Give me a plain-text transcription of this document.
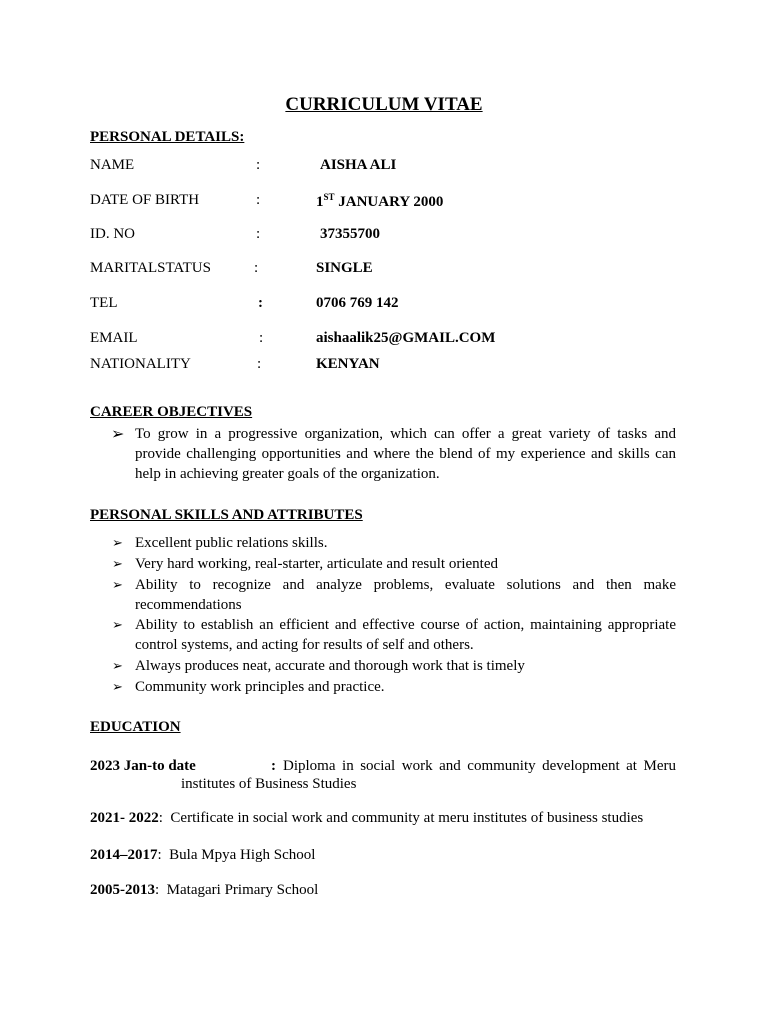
CURRICULUM VITAE
PERSONAL DETAILS:
NAME	:	AISHA ALI
DATE OF BIRTH	:	1ST JANUARY 2000
ID. NO	:	37355700
MARITALSTATUS	:	SINGLE
TEL	:	0706 769 142
EMAIL	:	aishaalik25@GMAIL.COM
NATIONALITY	:	KENYAN
CAREER OBJECTIVES
➢ To grow in a progressive organization, which can offer a great variety of tasks and provide challenging opportunities and where the blend of my experience and skills can help in achieving greater goals of the organization.
PERSONAL SKILLS AND ATTRIBUTES
➢ Excellent public relations skills.
➢ Very hard working, real-starter, articulate and result oriented
➢ Ability to recognize and analyze problems, evaluate solutions and then make recommendations
➢ Ability to establish an efficient and effective course of action, maintaining appropriate control systems, and acting for results of self and others.
➢ Always produces neat, accurate and thorough work that is timely
➢ Community work principles and practice.
EDUCATION
2023 Jan-to date	: Diploma in social work and community development at Meru
institutes of Business Studies
2021- 2022: Certificate in social work and community at meru institutes of business studies
2014–2017: Bula Mpya High School
2005-2013: Matagari Primary School
